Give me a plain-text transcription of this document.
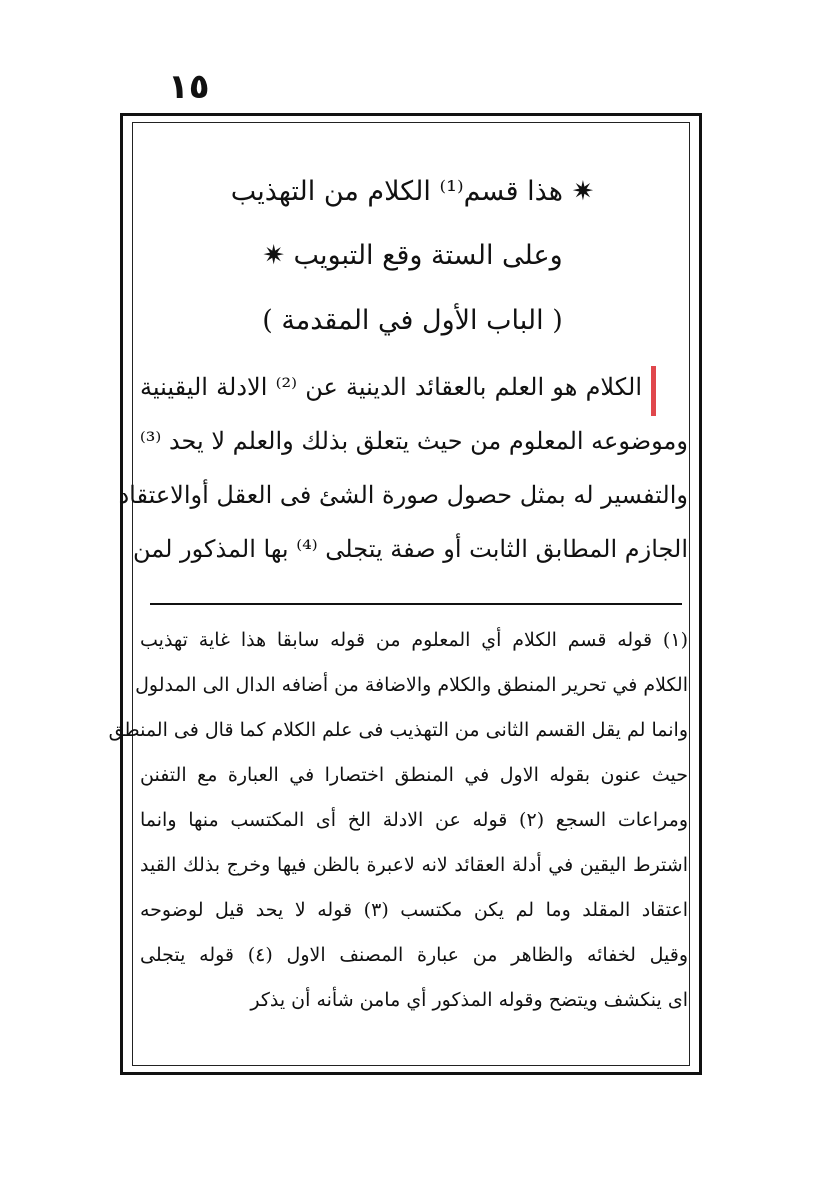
١٥
✷ هذا قسم⁽¹⁾ الكلام من التهذيب
وعلى الستة وقع التبويب ✷
( الباب الأول في المقدمة )
الكلام هو العلم بالعقائد الدينية عن ⁽²⁾ الادلة اليقينية
وموضوعه المعلوم من حيث يتعلق بذلك والعلم لا يحد ⁽³⁾
والتفسير له بمثل حصول صورة الشئ فى العقل أوالاعتقاد
الجازم المطابق الثابت أو صفة يتجلى ⁽⁴⁾ بها المذكور لمن
(١) قوله قسم الكلام أي المعلوم من قوله سابقا هذا غاية تهذيب
الكلام في تحرير المنطق والكلام والاضافة من أضافه الدال الى المدلول
وانما لم يقل القسم الثانى من التهذيب فى علم الكلام كما قال فى المنطق
حيث عنون بقوله الاول في المنطق اختصارا في العبارة مع التفنن
ومراعات السجع (٢) قوله عن الادلة الخ أى المكتسب منها وانما
اشترط اليقين في أدلة العقائد لانه لاعبرة بالظن فيها وخرج بذلك القيد
اعتقاد المقلد وما لم يكن مكتسب (٣) قوله لا يحد قيل لوضوحه
وقيل لخفائه والظاهر من عبارة المصنف الاول (٤) قوله يتجلى
اى ينكشف ويتضح وقوله المذكور أي مامن شأنه أن يذكر
